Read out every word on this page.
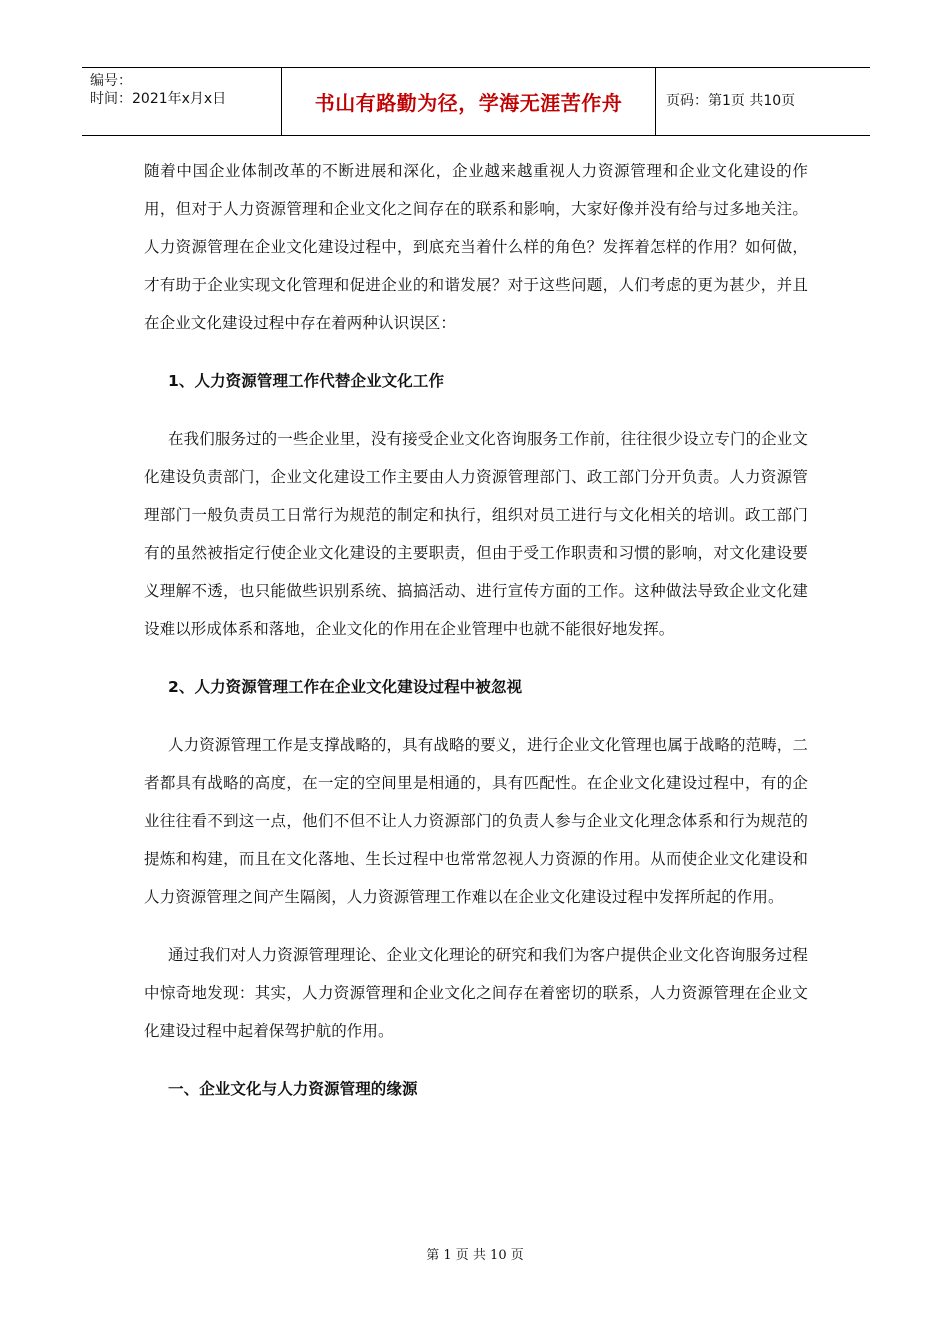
编号：
时间：2021年x月x日	书山有路勤为径，学海无涯苦作舟	页码：第1页 共10页

随着中国企业体制改革的不断进展和深化，企业越来越重视人力资源管理和企业文化建设的作用，但对于人力资源管理和企业文化之间存在的联系和影响，大家好像并没有给与过多地关注。人力资源管理在企业文化建设过程中，到底充当着什么样的角色？发挥着怎样的作用？如何做，才有助于企业实现文化管理和促进企业的和谐发展？对于这些问题，人们考虑的更为甚少，并且在企业文化建设过程中存在着两种认识误区：

1、人力资源管理工作代替企业文化工作

在我们服务过的一些企业里，没有接受企业文化咨询服务工作前，往往很少设立专门的企业文化建设负责部门，企业文化建设工作主要由人力资源管理部门、政工部门分开负责。人力资源管理部门一般负责员工日常行为规范的制定和执行，组织对员工进行与文化相关的培训。政工部门有的虽然被指定行使企业文化建设的主要职责，但由于受工作职责和习惯的影响，对文化建设要义理解不透，也只能做些识别系统、搞搞活动、进行宣传方面的工作。这种做法导致企业文化建设难以形成体系和落地，企业文化的作用在企业管理中也就不能很好地发挥。

2、人力资源管理工作在企业文化建设过程中被忽视

人力资源管理工作是支撑战略的，具有战略的要义，进行企业文化管理也属于战略的范畴，二者都具有战略的高度，在一定的空间里是相通的，具有匹配性。在企业文化建设过程中，有的企业往往看不到这一点，他们不但不让人力资源部门的负责人参与企业文化理念体系和行为规范的提炼和构建，而且在文化落地、生长过程中也常常忽视人力资源的作用。从而使企业文化建设和人力资源管理之间产生隔阂，人力资源管理工作难以在企业文化建设过程中发挥所起的作用。

通过我们对人力资源管理理论、企业文化理论的研究和我们为客户提供企业文化咨询服务过程中惊奇地发现：其实，人力资源管理和企业文化之间存在着密切的联系，人力资源管理在企业文化建设过程中起着保驾护航的作用。

一、企业文化与人力资源管理的缘源

第 1 页 共 10 页
